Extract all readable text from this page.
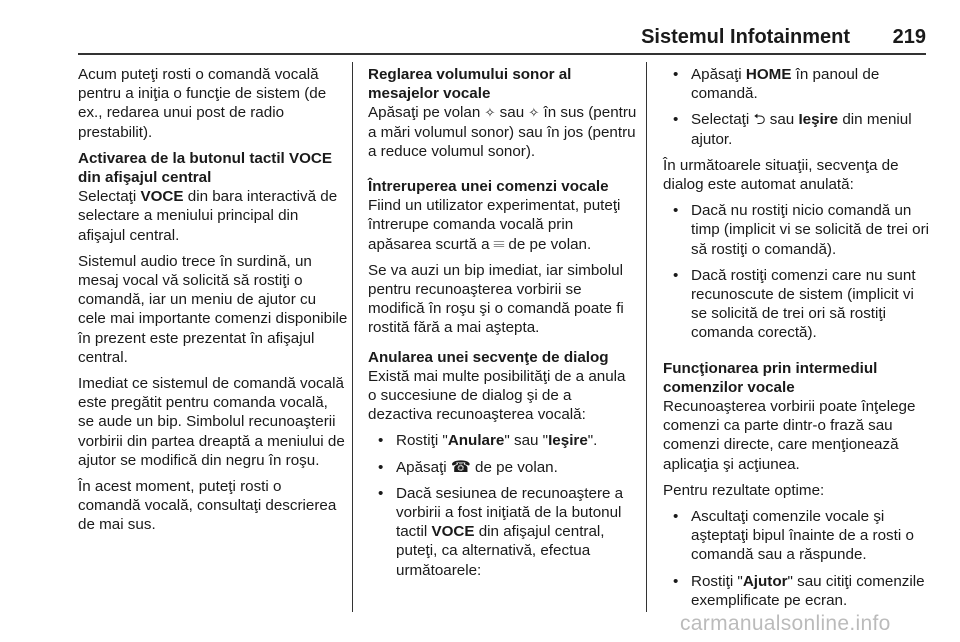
Sistemul Infotainment	219

Acum puteţi rosti o comandă vocală pentru a iniţia o funcţie de sistem (de ex., redarea unui post de radio prestabilit).

Activarea de la butonul tactil VOCE din afişajul central

Selectaţi VOCE din bara interactivă de selectare a meniului principal din afişajul central.

Sistemul audio trece în surdină, un mesaj vocal vă solicită să rostiţi o comandă, iar un meniu de ajutor cu cele mai importante comenzi disponibile în prezent este prezentat în afişajul central.

Imediat ce sistemul de comandă vocală este pregătit pentru comanda vocală, se aude un bip. Simbolul recunoaşterii vorbirii din partea dreaptă a meniului de ajutor se modifică din negru în roşu.

În acest moment, puteţi rosti o comandă vocală, consultaţi descrierea de mai sus.

Reglarea volumului sonor al mesajelor vocale

Apăsaţi pe volan ✧ sau ✧ în sus (pentru a mări volumul sonor) sau în jos (pentru a reduce volumul sonor).

Întreruperea unei comenzi vocale

Fiind un utilizator experimentat, puteţi întrerupe comanda vocală prin apăsarea scurtă a 𝄘 de pe volan.

Se va auzi un bip imediat, iar simbolul pentru recunoaşterea vorbirii se modifică în roşu şi o comandă poate fi rostită fără a mai aştepta.

Anularea unei secvenţe de dialog

Există mai multe posibilităţi de a anula o succesiune de dialog şi de a dezactiva recunoaşterea vocală:

• Rostiţi "Anulare" sau "Ieşire".
• Apăsaţi ☎ de pe volan.
• Dacă sesiunea de recunoaştere a vorbirii a fost iniţiată de la butonul tactil VOCE din afişajul central, puteţi, ca alternativă, efectua următoarele:
• Apăsaţi HOME în panoul de comandă.
• Selectaţi ⮌ sau Ieşire din meniul ajutor.

În următoarele situaţii, secvenţa de dialog este automat anulată:

• Dacă nu rostiţi nicio comandă un timp (implicit vi se solicită de trei ori să rostiţi o comandă).
• Dacă rostiţi comenzi care nu sunt recunoscute de sistem (implicit vi se solicită de trei ori să rostiţi comanda corectă).

Funcţionarea prin intermediul comenzilor vocale

Recunoaşterea vorbirii poate înţelege comenzi ca parte dintr-o frază sau comenzi directe, care menţionează aplicaţia şi acţiunea.

Pentru rezultate optime:

• Ascultaţi comenzile vocale şi aşteptaţi bipul înainte de a rosti o comandă sau a răspunde.
• Rostiţi "Ajutor" sau citiţi comenzile exemplificate pe ecran.
carmanualsonline.info
